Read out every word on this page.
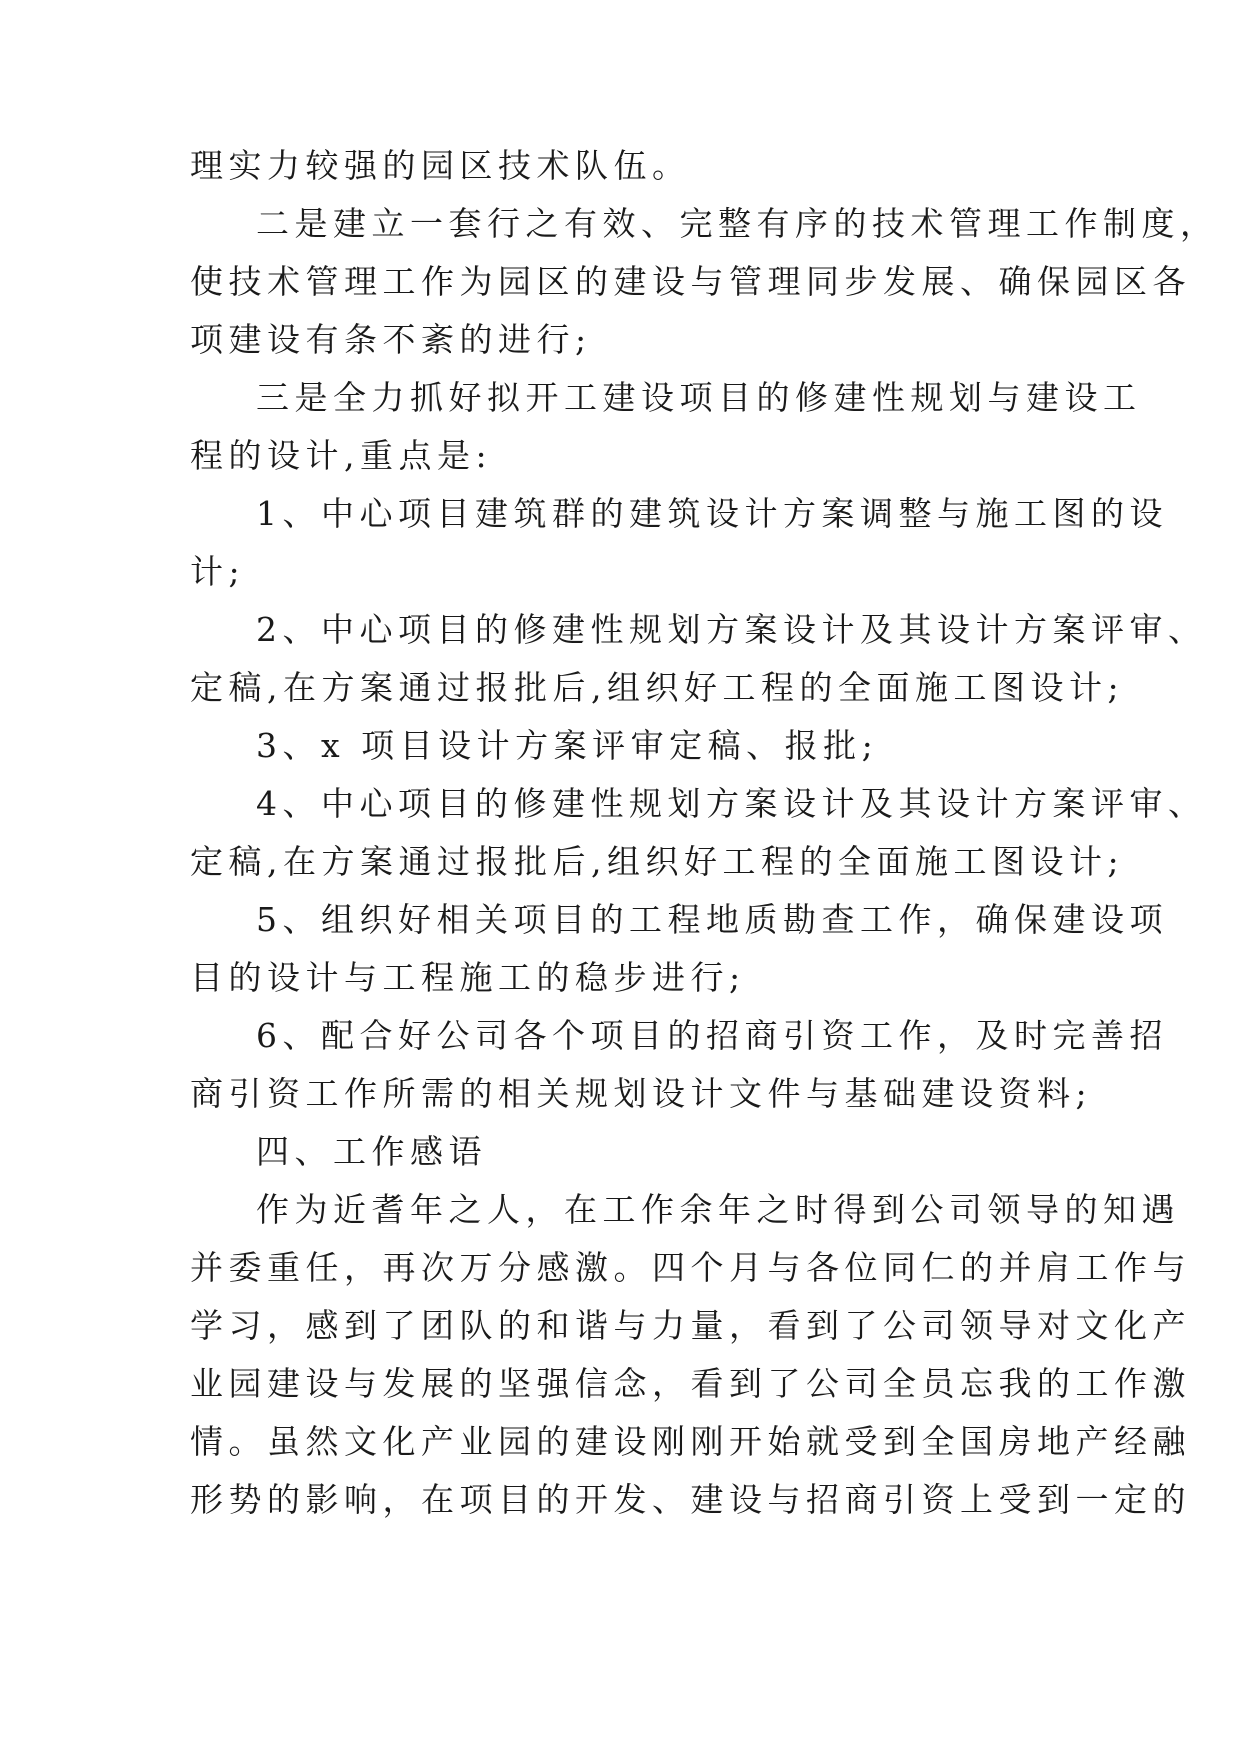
理实力较强的园区技术队伍。
二是建立一套行之有效、完整有序的技术管理工作制度，
使技术管理工作为园区的建设与管理同步发展、确保园区各
项建设有条不紊的进行;
三是全力抓好拟开工建设项目的修建性规划与建设工
程的设计,重点是:
1、中心项目建筑群的建筑设计方案调整与施工图的设
计;
2、中心项目的修建性规划方案设计及其设计方案评审、
定稿,在方案通过报批后,组织好工程的全面施工图设计;
3、x 项目设计方案评审定稿、报批;
4、中心项目的修建性规划方案设计及其设计方案评审、
定稿,在方案通过报批后,组织好工程的全面施工图设计;
5、组织好相关项目的工程地质勘查工作，确保建设项
目的设计与工程施工的稳步进行;
6、配合好公司各个项目的招商引资工作，及时完善招
商引资工作所需的相关规划设计文件与基础建设资料;
四、工作感语
作为近耆年之人，在工作余年之时得到公司领导的知遇
并委重任，再次万分感激。四个月与各位同仁的并肩工作与
学习，感到了团队的和谐与力量，看到了公司领导对文化产
业园建设与发展的坚强信念，看到了公司全员忘我的工作激
情。虽然文化产业园的建设刚刚开始就受到全国房地产经融
形势的影响，在项目的开发、建设与招商引资上受到一定的
